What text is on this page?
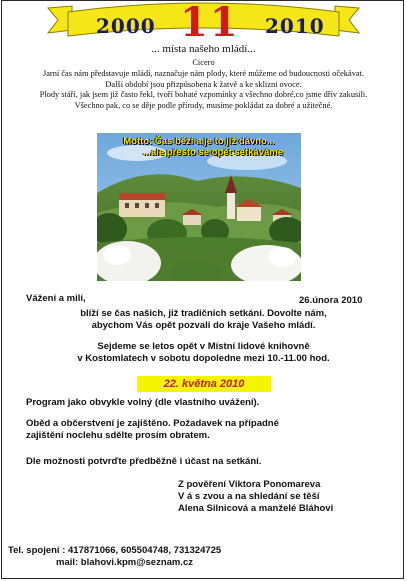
2000 11 2010
... místa našeho mládí...
Cicero
Jarní čas nám představuje mládí, naznačuje nám plody, které můžeme od budoucnosti očekávat.
Další období jsou přizpůsobena k žatvě a ke sklizni ovoce.
Plody stáří, jak jsem již často řekl, tvoří bohaté vzpomínky a všechno dobré,co jsme dřív zakusili.
Všechno pak, co se děje podle přírody, musíme pokládat za dobré a užitečné.
Motto: Čas běží a je to již dávno...
...ale přesto se opět setkáváme
Vážení a milí,	26.února 2010
blíží se čas našich, již tradičních setkání. Dovolte nám,
abychom Vás opět pozvali do kraje Vašeho mládí.
Sejdeme se letos opět v Místní lidové knihovně
v Kostomlatech v sobotu dopoledne mezi 10.-11.00 hod.
22. května 2010
Program jako obvykle volný (dle vlastního uvážení).
Oběd a občerstvení je zajištěno. Požadavek na případné
zajištění noclehu sdělte prosím obratem.
Dle možnosti potvrďte předběžně i účast na setkání.
Z pověření Viktora Ponomareva
V á s zvou a na shledání se těší
Alena Silnicová a manželé Bláhovi
Tel. spojení : 417871066, 605504748, 731324725
mail: blahovi.kpm@seznam.cz
